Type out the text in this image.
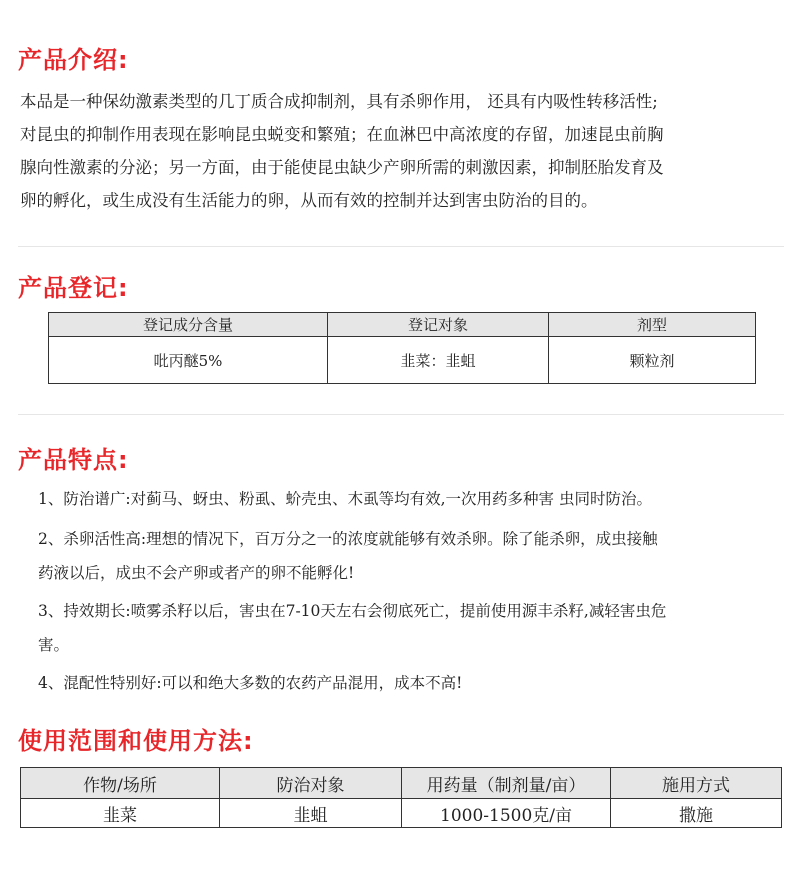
产品介绍:
本品是一种保幼激素类型的几丁质合成抑制剂，具有杀卵作用， 还具有内吸性转移活性;
对昆虫的抑制作用表现在影响昆虫蜕变和繁殖；在血淋巴中高浓度的存留，加速昆虫前胸
腺向性激素的分泌；另一方面，由于能使昆虫缺少产卵所需的刺激因素，抑制胚胎发育及
卵的孵化，或生成没有生活能力的卵，从而有效的控制并达到害虫防治的目的。
产品登记:
登记成分含量	登记对象	剂型
吡丙醚5%	韭菜：韭蛆	颗粒剂
产品特点:
1、防治谱广:对蓟马、蚜虫、粉虱、蚧壳虫、木虱等均有效,一次用药多种害 虫同时防治。
2、杀卵活性高:理想的情况下，百万分之一的浓度就能够有效杀卵。除了能杀卵，成虫接触
药液以后，成虫不会产卵或者产的卵不能孵化!
3、持效期长:喷雾杀籽以后，害虫在7-10天左右会彻底死亡，提前使用源丰杀籽,减轻害虫危
害。
4、混配性特别好:可以和绝大多数的农药产品混用，成本不高!
使用范围和使用方法:
作物/场所	防治对象	用药量（制剂量/亩）	施用方式
韭菜	韭蛆	1000-1500克/亩	撒施
